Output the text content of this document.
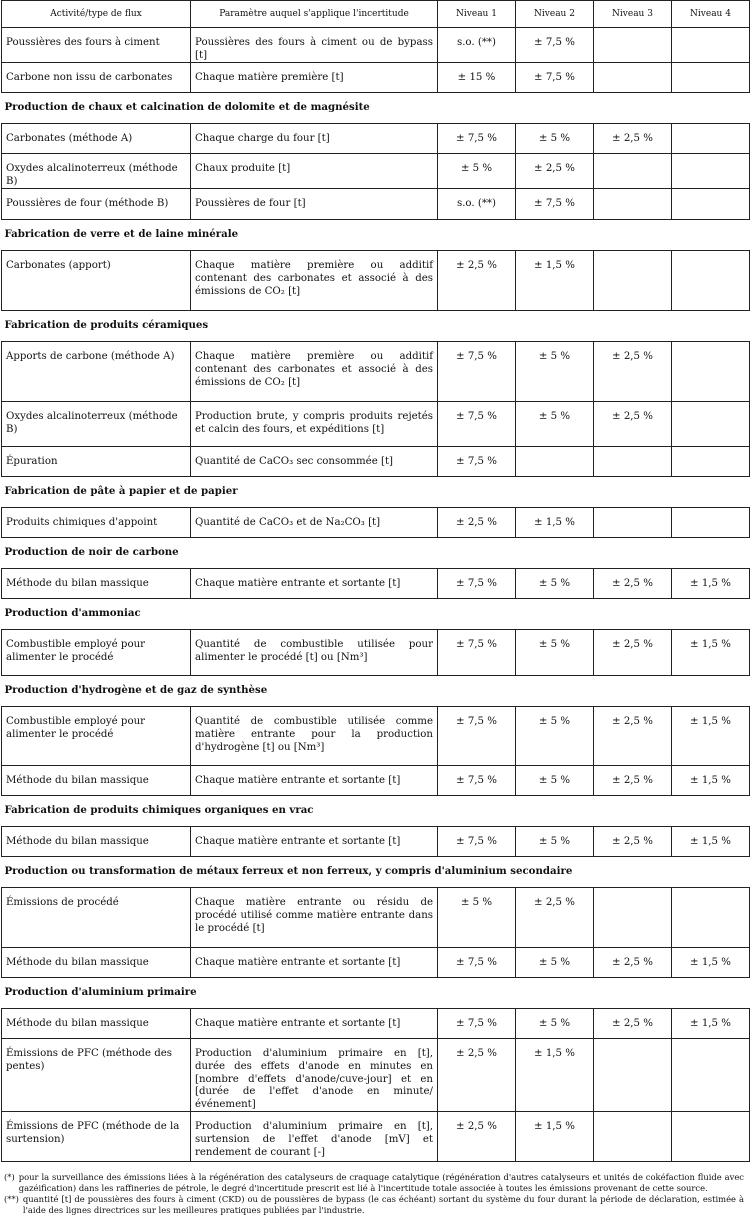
Activité/type de flux	Paramètre auquel s'applique l'incertitude	Niveau 1	Niveau 2	Niveau 3	Niveau 4

Poussières des fours à ciment	Poussières des fours à ciment ou de bypass [t]	s.o. (**)	± 7,5 %		

Carbone non issu de carbonates	Chaque matière première [t]	± 15 %	± 7,5 %		

Production de chaux et calcination de dolomite et de magnésite					

Carbonates (méthode A)	Chaque charge du four [t]	± 7,5 %	± 5 %	± 2,5 %	

Oxydes alcalinoterreux (méthode B)	Chaux produite [t]	± 5 %	± 2,5 %		

Poussières de four (méthode B)	Poussières de four [t]	s.o. (**)	± 7,5 %		

Fabrication de verre et de laine minérale					

Carbonates (apport)	Chaque matière première ou additif contenant des carbonates et associé à des émissions de CO₂ [t]	± 2,5 %	± 1,5 %		

Fabrication de produits céramiques					

Apports de carbone (méthode A)	Chaque matière première ou additif contenant des carbonates et associé à des émissions de CO₂ [t]	± 7,5 %	± 5 %	± 2,5 %	

Oxydes alcalinoterreux (méthode B)	Production brute, y compris produits rejetés et calcin des fours, et expéditions [t]	± 7,5 %	± 5 %	± 2,5 %	

Épuration	Quantité de CaCO₃ sec consommée [t]	± 7,5 %			

Fabrication de pâte à papier et de papier					

Produits chimiques d'appoint	Quantité de CaCO₃ et de Na₂CO₃ [t]	± 2,5 %	± 1,5 %		

Production de noir de carbone					

Méthode du bilan massique	Chaque matière entrante et sortante [t]	± 7,5 %	± 5 %	± 2,5 %	± 1,5 %

Production d'ammoniac					

Combustible employé pour alimenter le procédé	Quantité de combustible utilisée pour alimenter le procédé [t] ou [Nm³]	± 7,5 %	± 5 %	± 2,5 %	± 1,5 %

Production d'hydrogène et de gaz de synthèse					

Combustible employé pour alimenter le procédé	Quantité de combustible utilisée comme matière entrante pour la production d'hydrogène [t] ou [Nm³]	± 7,5 %	± 5 %	± 2,5 %	± 1,5 %

Méthode du bilan massique	Chaque matière entrante et sortante [t]	± 7,5 %	± 5 %	± 2,5 %	± 1,5 %

Fabrication de produits chimiques organiques en vrac					

Méthode du bilan massique	Chaque matière entrante et sortante [t]	± 7,5 %	± 5 %	± 2,5 %	± 1,5 %

Production ou transformation de métaux ferreux et non ferreux, y compris d'aluminium secondaire					

Émissions de procédé	Chaque matière entrante ou résidu de procédé utilisé comme matière entrante dans le procédé [t]	± 5 %	± 2,5 %		

Méthode du bilan massique	Chaque matière entrante et sortante [t]	± 7,5 %	± 5 %	± 2,5 %	± 1,5 %

Production d'aluminium primaire					

Méthode du bilan massique	Chaque matière entrante et sortante [t]	± 7,5 %	± 5 %	± 2,5 %	± 1,5 %

Émissions de PFC (méthode des pentes)	Production d'aluminium primaire en [t], durée des effets d'anode en minutes en [nombre d'effets d'anode/cuve-jour] et en [durée de l'effet d'anode en minute/événement]	± 2,5 %	± 1,5 %		

Émissions de PFC (méthode de la surtension)	Production d'aluminium primaire en [t], surtension de l'effet d'anode [mV] et rendement de courant [-]	± 2,5 %	± 1,5 %		

(*) pour la surveillance des émissions liées à la régénération des catalyseurs de craquage catalytique (régénération d'autres catalyseurs et unités de cokéfaction fluide avec gazéification) dans les raffineries de pétrole, le degré d'incertitude prescrit est lié à l'incertitude totale associée à toutes les émissions provenant de cette source.
(**) quantité [t] de poussières des fours à ciment (CKD) ou de poussières de bypass (le cas échéant) sortant du système du four durant la période de déclaration, estimée à l'aide des lignes directrices sur les meilleures pratiques publiées par l'industrie.
